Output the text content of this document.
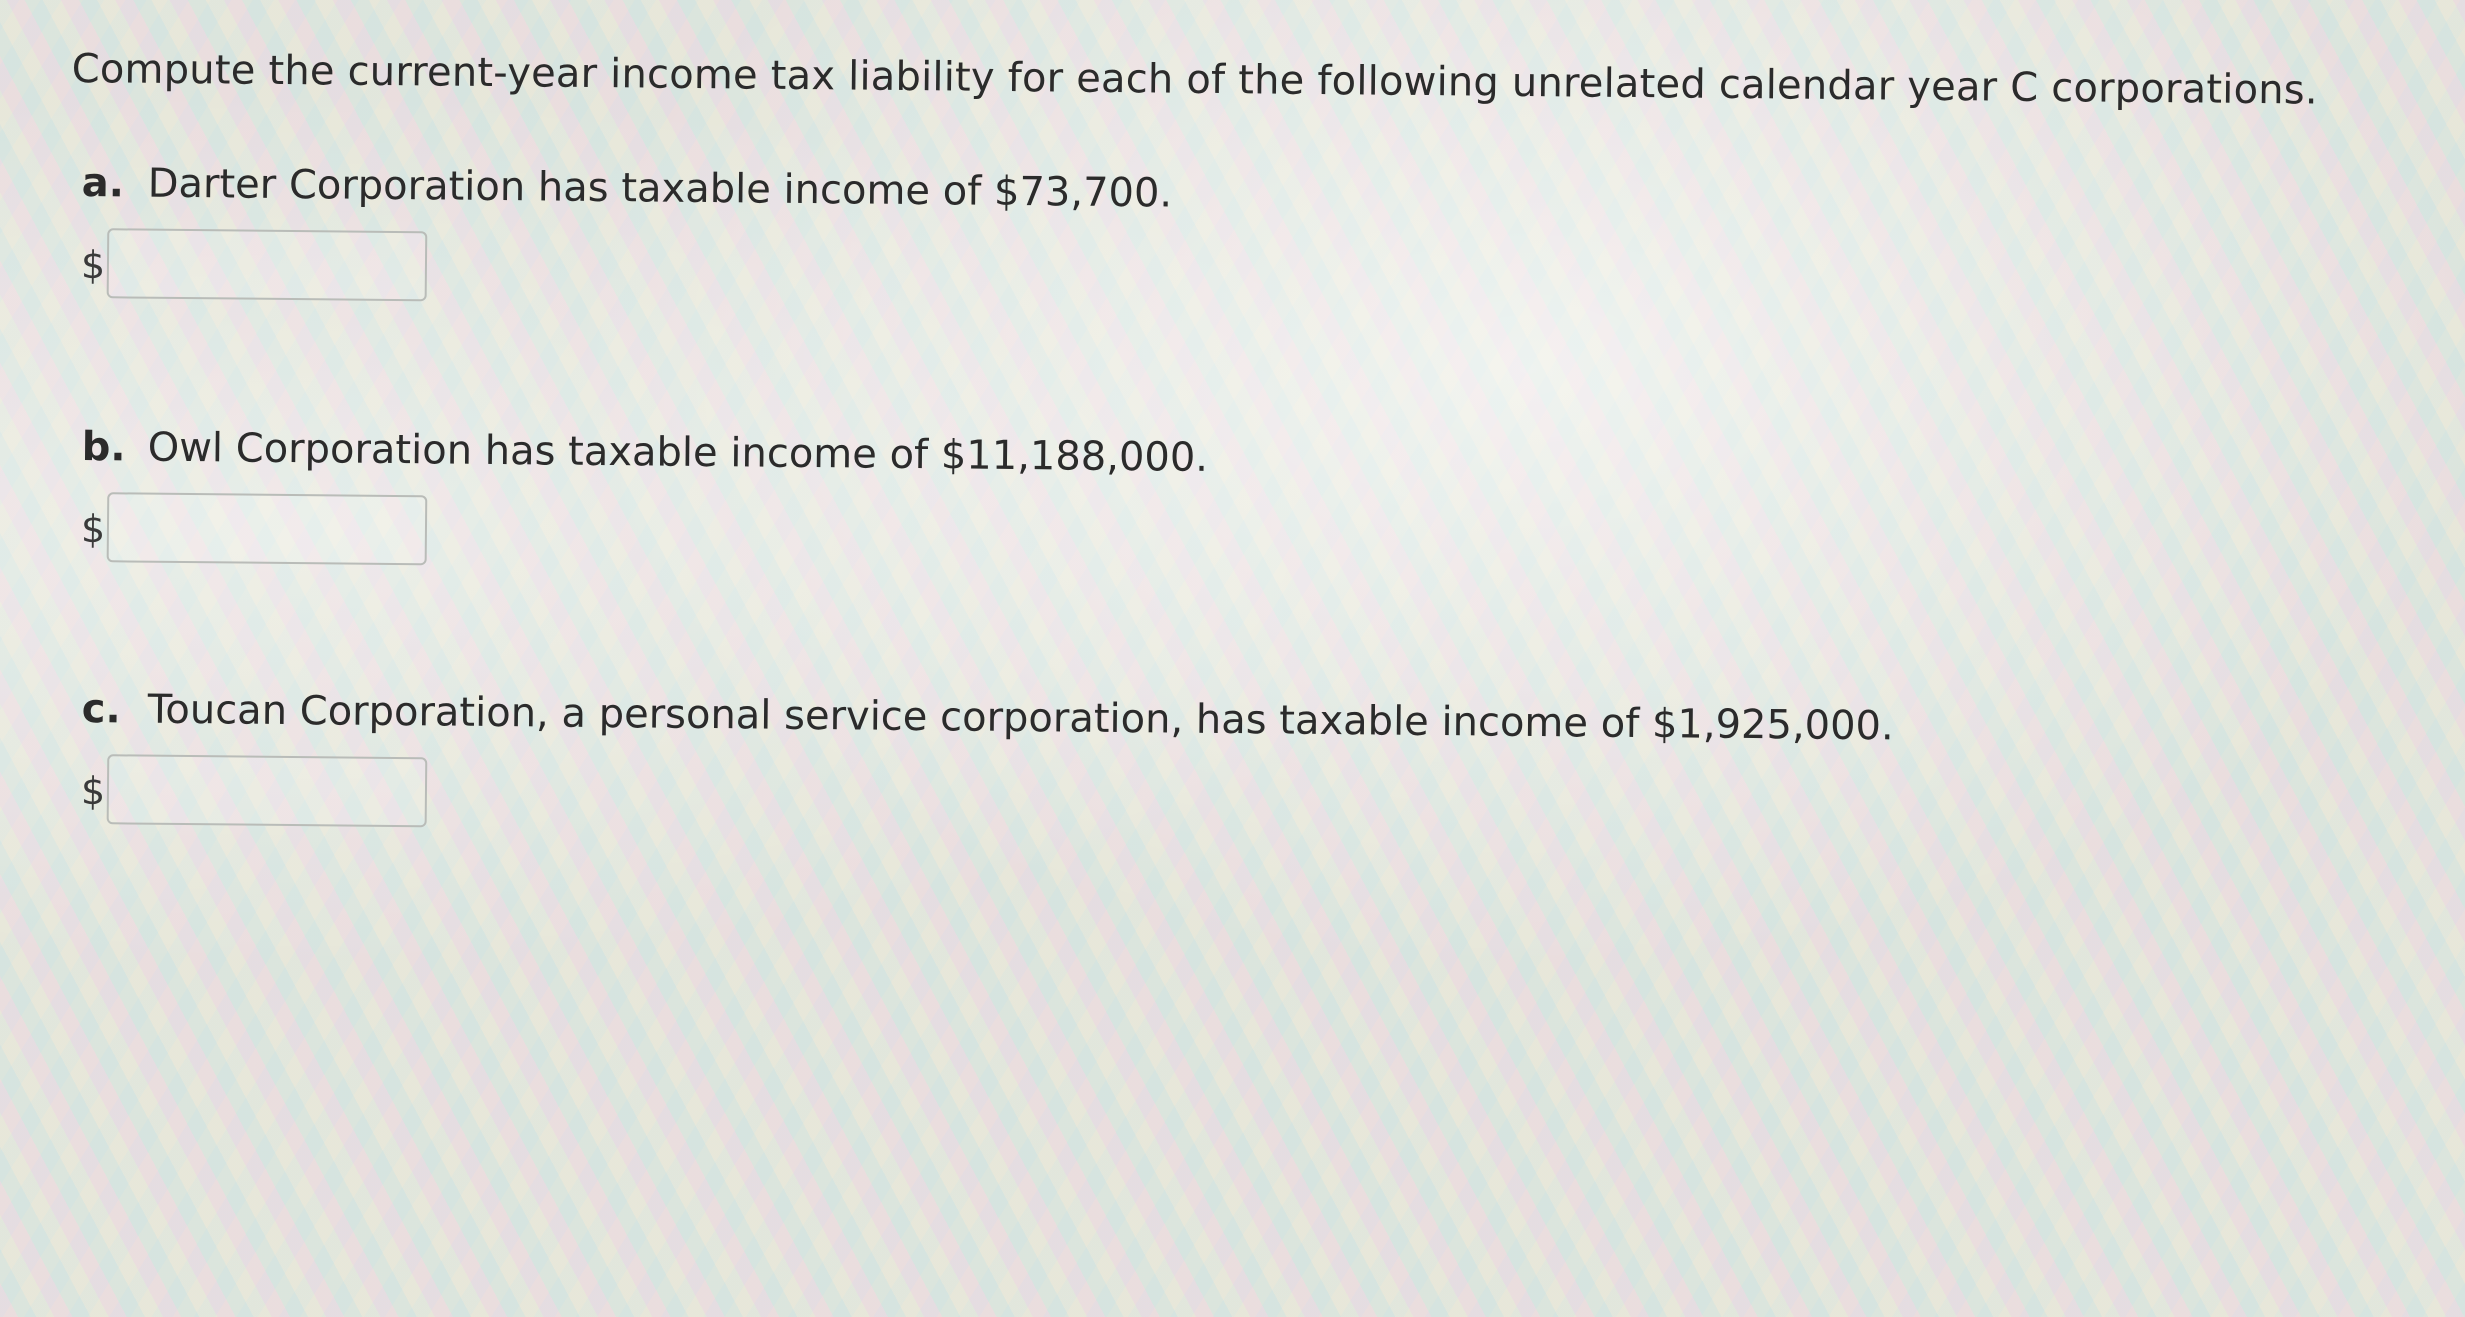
Compute the current-year income tax liability for each of the following unrelated calendar year C corporations.
a. Darter Corporation has taxable income of $73,700.
$
b. Owl Corporation has taxable income of $11,188,000.
$
c. Toucan Corporation, a personal service corporation, has taxable income of $1,925,000.
$
